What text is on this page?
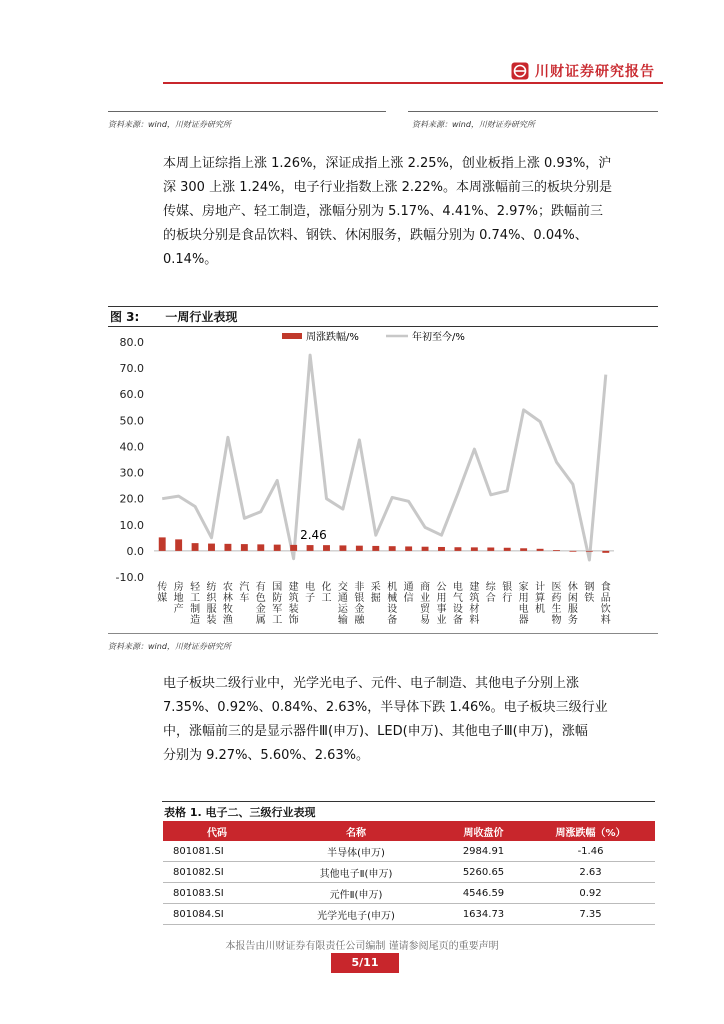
川财证券研究报告
资料来源：wind，川财证券研究所	资料来源：wind，川财证券研究所

本周上证综指上涨 1.26%，深证成指上涨 2.25%，创业板指上涨 0.93%，沪

深 300 上涨 1.24%，电子行业指数上涨 2.22%。本周涨幅前三的板块分别是

传媒、房地产、轻工制造，涨幅分别为 5.17%、4.41%、2.97%；跌幅前三

的板块分别是食品饮料、钢铁、休闲服务，跌幅分别为 0.74%、0.04%、

0.14%。

图 3: 一周行业表现
周涨跌幅/%	年初至今/%
-10.0
0.0
10.0
20.0
30.0
40.0
50.0
60.0
70.0
80.0
传媒
房地产
轻工制造
纺织服装
农林牧渔
汽车
有色金属
国防军工
建筑装饰
电子
化工
交通运输
非银金融
采掘
机械设备
通信
商业贸易
公用事业
电气设备
建筑材料
综合
银行
家用电器
计算机
医药生物
休闲服务
钢铁
食品饮料
2.46
资料来源：wind，川财证券研究所

电子板块二级行业中，光学光电子、元件、电子制造、其他电子分别上涨

7.35%、0.92%、0.84%、2.63%，半导体下跌 1.46%。电子板块三级行业

中，涨幅前三的是显示器件Ⅲ(申万)、LED(申万)、其他电子Ⅲ(申万)，涨幅

分别为 9.27%、5.60%、2.63%。

表格 1. 电子二、三级行业表现
代码	名称	周收盘价	周涨跌幅（%）
801081.SI	半导体(申万)	2984.91	-1.46
801082.SI	其他电子Ⅱ(申万)	5260.65	2.63
801083.SI	元件Ⅱ(申万)	4546.59	0.92
801084.SI	光学光电子(申万)	1634.73	7.35
本报告由川财证券有限责任公司编制 谨请参阅尾页的重要声明
5/11
